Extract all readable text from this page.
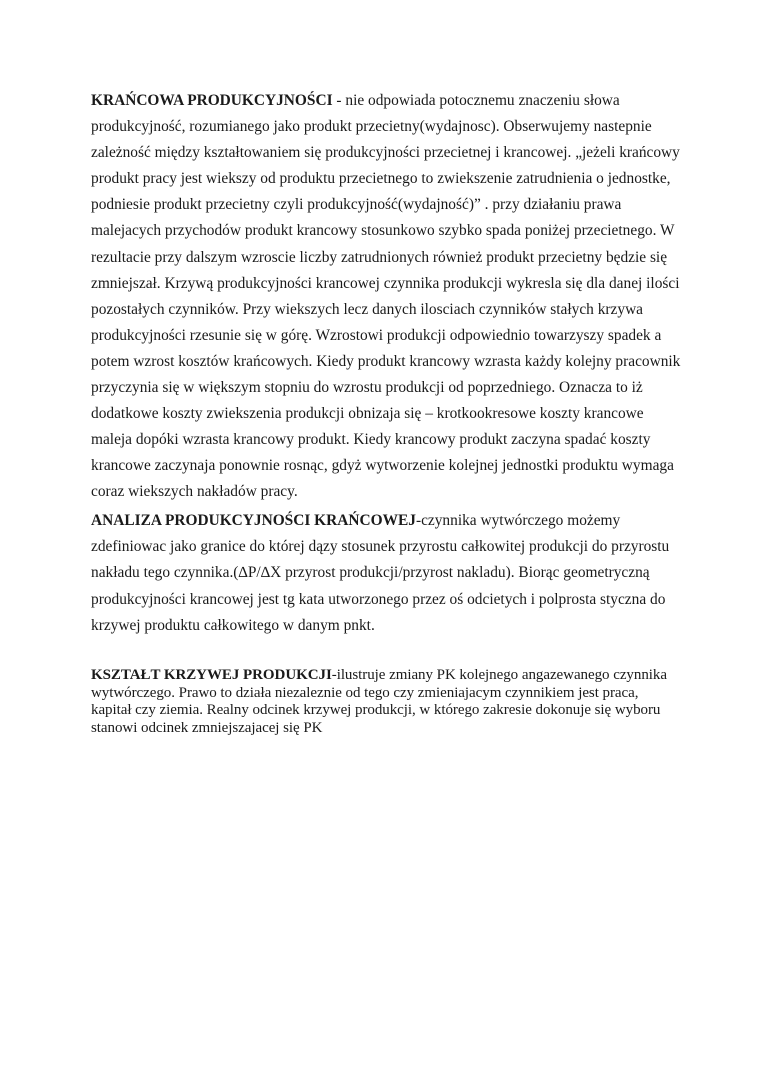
KRAŃCOWA PRODUKCYJNOŚCI - nie odpowiada potocznemu znaczeniu słowa produkcyjność, rozumianego jako produkt przecietny(wydajnosc). Obserwujemy nastepnie zależność między kształtowaniem się produkcyjności przecietnej i krancowej. „jeżeli krańcowy produkt pracy jest wiekszy od produktu przecietnego to zwiekszenie zatrudnienia o jednostke, podniesie produkt przecietny czyli produkcyjność(wydajność)” . przy działaniu prawa malejacych przychodów produkt krancowy stosunkowo szybko spada poniżej przecietnego. W rezultacie przy dalszym wzroscie liczby zatrudnionych również produkt przecietny będzie się zmniejszał. Krzywą produkcyjności krancowej czynnika produkcji wykresla się dla danej ilości pozostałych czynników. Przy wiekszych lecz danych ilosciach czynników stałych krzywa produkcyjności rzesunie się w górę. Wzrostowi produkcji odpowiednio towarzyszy spadek a potem wzrost kosztów krańcowych. Kiedy produkt krancowy wzrasta każdy kolejny pracownik przyczynia się w większym stopniu do wzrostu produkcji od poprzedniego. Oznacza to iż dodatkowe koszty zwiekszenia produkcji obnizaja się – krotkookresowe koszty krancowe maleja dopóki wzrasta krancowy produkt. Kiedy krancowy produkt zaczyna spadać koszty krancowe zaczynaja ponownie rosnąc, gdyż wytworzenie kolejnej jednostki produktu wymaga coraz wiekszych nakładów pracy.

ANALIZA PRODUKCYJNOŚCI KRAŃCOWEJ-czynnika wytwórczego możemy zdefiniowac jako granice do której dązy stosunek przyrostu całkowitej produkcji do przyrostu nakładu tego czynnika.(∆P/∆X przyrost produkcji/przyrost nakladu). Biorąc geometryczną produkcyjności krancowej jest tg kata utworzonego przez oś odcietych i polprosta styczna do krzywej produktu całkowitego w danym pnkt.

KSZTAŁT KRZYWEJ PRODUKCJI-ilustruje zmiany PK kolejnego angazewanego czynnika wytwórczego. Prawo to działa niezalezniе od tego czy zmieniajacym czynnikiem jest praca, kapitał czy ziemia. Realny odcinek krzywej produkcji, w którego zakresie dokonuje się wyboru stanowi odcinek zmniejszajacej się PK
